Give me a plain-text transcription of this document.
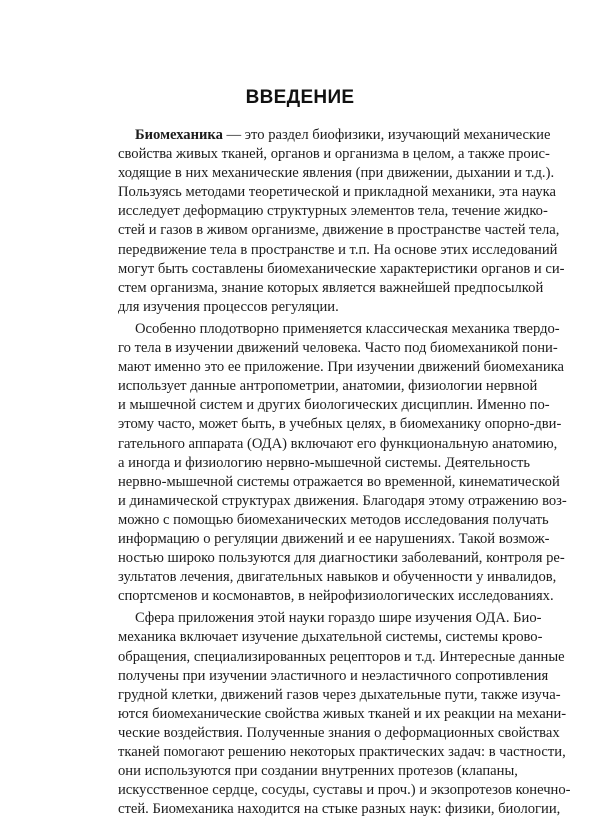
ВВЕДЕНИЕ
Биомеханика — это раздел биофизики, изучающий механические
свойства живых тканей, органов и организма в целом, а также проис-
ходящие в них механические явления (при движении, дыхании и т.д.).
Пользуясь методами теоретической и прикладной механики, эта наука
исследует деформацию структурных элементов тела, течение жидко-
стей и газов в живом организме, движение в пространстве частей тела,
передвижение тела в пространстве и т.п. На основе этих исследований
могут быть составлены биомеханические характеристики органов и си-
стем организма, знание которых является важнейшей предпосылкой
для изучения процессов регуляции.
Особенно плодотворно применяется классическая механика твердо-
го тела в изучении движений человека. Часто под биомеханикой пони-
мают именно это ее приложение. При изучении движений биомеханика
использует данные антропометрии, анатомии, физиологии нервной
и мышечной систем и других биологических дисциплин. Именно по-
этому часто, может быть, в учебных целях, в биомеханику опорно-дви-
гательного аппарата (ОДА) включают его функциональную анатомию,
а иногда и физиологию нервно-мышечной системы. Деятельность
нервно-мышечной системы отражается во временной, кинематической
и динамической структурах движения. Благодаря этому отражению воз-
можно с помощью биомеханических методов исследования получать
информацию о регуляции движений и ее нарушениях. Такой возмож-
ностью широко пользуются для диагностики заболеваний, контроля ре-
зультатов лечения, двигательных навыков и обученности у инвалидов,
спортсменов и космонавтов, в нейрофизиологических исследованиях.
Сфера приложения этой науки гораздо шире изучения ОДА. Био-
механика включает изучение дыхательной системы, системы крово-
обращения, специализированных рецепторов и т.д. Интересные данные
получены при изучении эластичного и неэластичного сопротивления
грудной клетки, движений газов через дыхательные пути, также изуча-
ются биомеханические свойства живых тканей и их реакции на механи-
ческие воздействия. Полученные знания о деформационных свойствах
тканей помогают решению некоторых практических задач: в частности,
они используются при создании внутренних протезов (клапаны,
искусственное сердце, сосуды, суставы и проч.) и экзопротезов конечно-
стей. Биомеханика находится на стыке разных наук: физики, биологии,
